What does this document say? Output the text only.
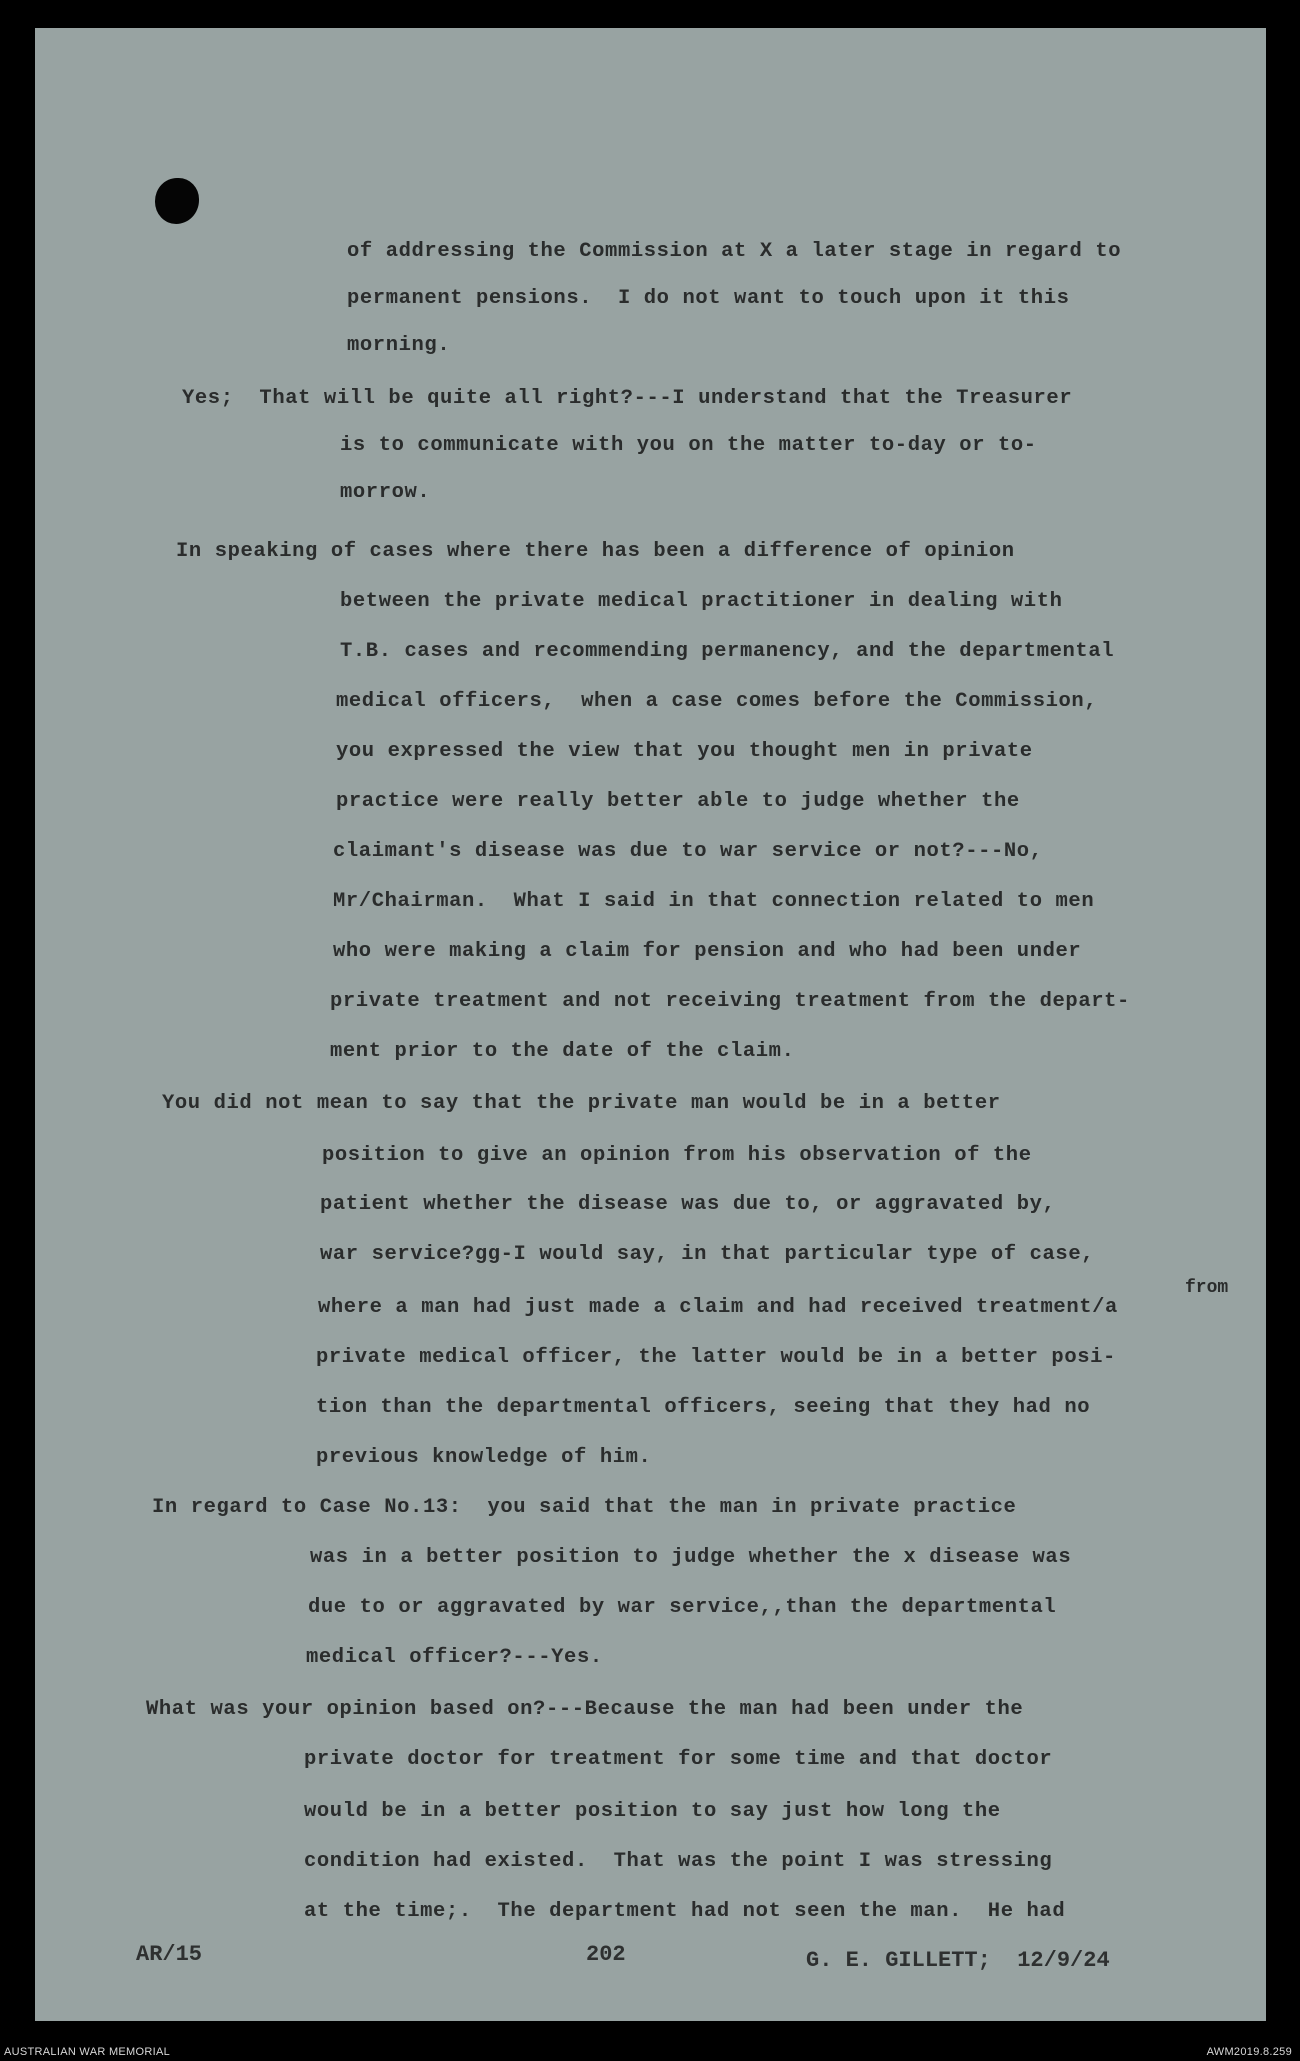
of addressing the Commission at X a later stage in regard to

permanent pensions.  I do not want to touch upon it this

morning.

Yes;  That will be quite all right?---I understand that the Treasurer

is to communicate with you on the matter to-day or to-

morrow.

In speaking of cases where there has been a difference of opinion

between the private medical practitioner in dealing with

T.B. cases and recommending permanency, and the departmental

medical officers,  when a case comes before the Commission,

you expressed the view that you thought men in private

practice were really better able to judge whether the

claimant's disease was due to war service or not?---No,

Mr/Chairman.  What I said in that connection related to men

who were making a claim for pension and who had been under

private treatment and not receiving treatment from the depart-

ment prior to the date of the claim.

You did not mean to say that the private man would be in a better

position to give an opinion from his observation of the

patient whether the disease was due to, or aggravated by,

war service?gg-I would say, in that particular type of case,

from

where a man had just made a claim and had received treatment/a

private medical officer, the latter would be in a better posi-

tion than the departmental officers, seeing that they had no

previous knowledge of him.

In regard to Case No.13:  you said that the man in private practice

was in a better position to judge whether the x disease was

due to or aggravated by war service,,than the departmental

medical officer?---Yes.

What was your opinion based on?---Because the man had been under the

private doctor for treatment for some time and that doctor

would be in a better position to say just how long the

condition had existed.  That was the point I was stressing

at the time;.  The department had not seen the man.  He had

AR/15	202	G. E. GILLETT;  12/9/24

AUSTRALIAN WAR MEMORIAL	AWM2019.8.259
